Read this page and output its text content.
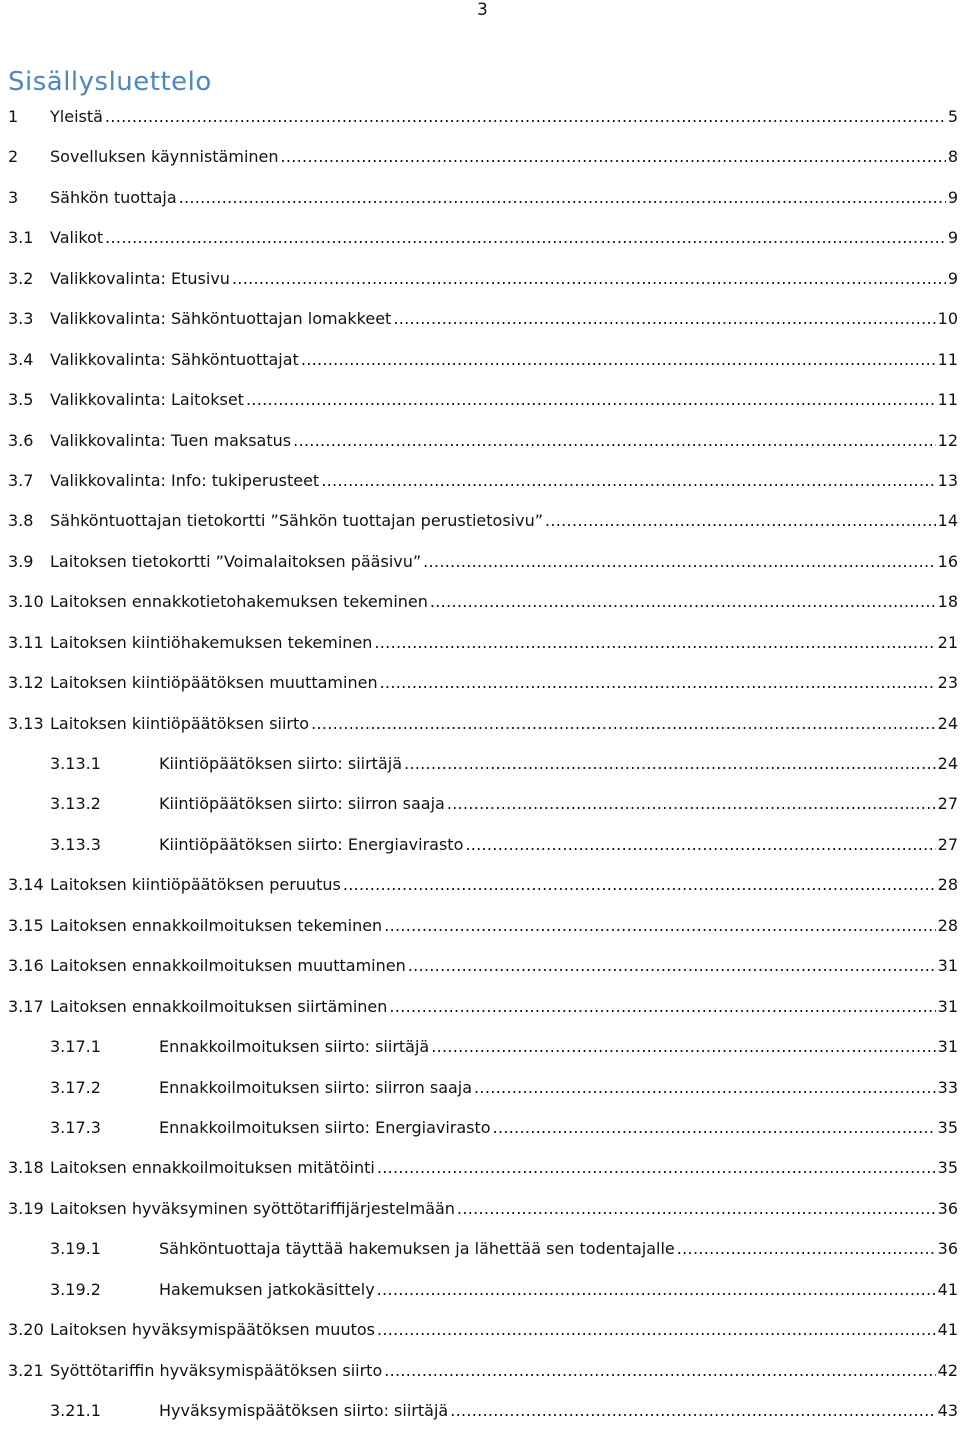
3
Sisällysluettelo
1	Yleistä .....	5
2	Sovelluksen käynnistäminen .....	8
3	Sähkön tuottaja .....	9
3.1	Valikot .....	9
3.2	Valikkovalinta: Etusivu .....	9
3.3	Valikkovalinta: Sähköntuottajan lomakkeet .....	10
3.4	Valikkovalinta: Sähköntuottajat .....	11
3.5	Valikkovalinta: Laitokset .....	11
3.6	Valikkovalinta: Tuen maksatus .....	12
3.7	Valikkovalinta: Info: tukiperusteet .....	13
3.8	Sähköntuottajan tietokortti ”Sähkön tuottajan perustietosivu” .....	14
3.9	Laitoksen tietokortti ”Voimalaitoksen pääsivu” .....	16
3.10 Laitoksen ennakkotietohakemuksen tekeminen .....	18
3.11 Laitoksen kiintiöhakemuksen tekeminen .....	21
3.12 Laitoksen kiintiöpäätöksen muuttaminen .....	23
3.13 Laitoksen kiintiöpäätöksen siirto .....	24
3.13.1	Kiintiöpäätöksen siirto: siirtäjä .....	24
3.13.2	Kiintiöpäätöksen siirto: siirron saaja .....	27
3.13.3	Kiintiöpäätöksen siirto: Energiavirasto .....	27
3.14 Laitoksen kiintiöpäätöksen peruutus .....	28
3.15 Laitoksen ennakkoilmoituksen tekeminen .....	28
3.16 Laitoksen ennakkoilmoituksen muuttaminen .....	31
3.17 Laitoksen ennakkoilmoituksen siirtäminen .....	31
3.17.1	Ennakkoilmoituksen siirto: siirtäjä .....	31
3.17.2	Ennakkoilmoituksen siirto: siirron saaja .....	33
3.17.3	Ennakkoilmoituksen siirto: Energiavirasto .....	35
3.18 Laitoksen ennakkoilmoituksen mitätöinti .....	35
3.19 Laitoksen hyväksyminen syöttötariffijärjestelmään .....	36
3.19.1	Sähköntuottaja täyttää hakemuksen ja lähettää sen todentajalle .....	36
3.19.2	Hakemuksen jatkokäsittely .....	41
3.20 Laitoksen hyväksymispäätöksen muutos .....	41
3.21 Syöttötariffin hyväksymispäätöksen siirto .....	42
3.21.1	Hyväksymispäätöksen siirto: siirtäjä .....	43
